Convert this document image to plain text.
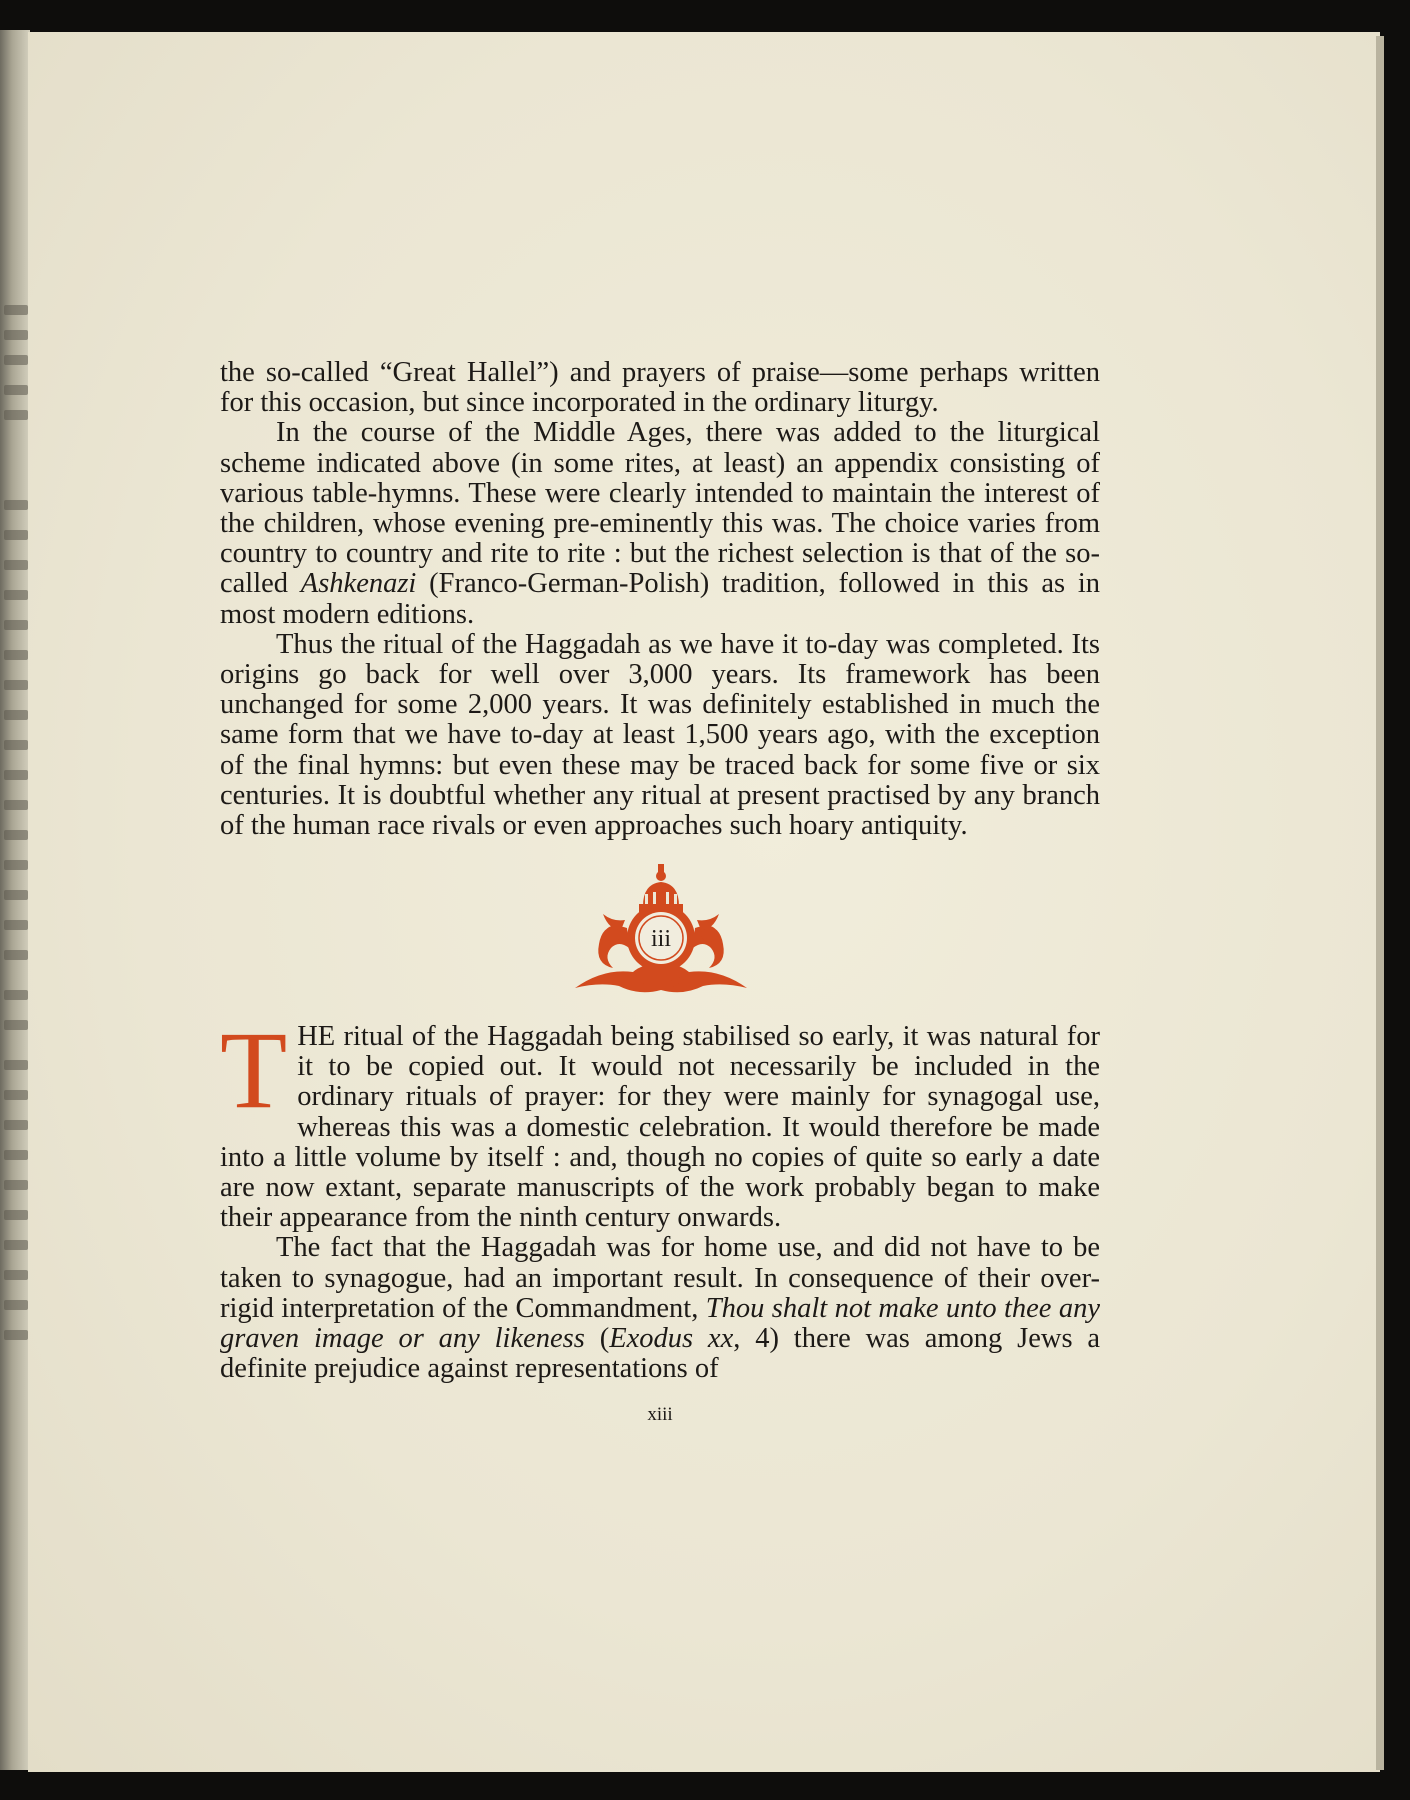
the so-called “Great Hallel”) and prayers of praise—some perhaps written for this occasion, but since incorporated in the ordinary liturgy.

In the course of the Middle Ages, there was added to the liturgical scheme indicated above (in some rites, at least) an appendix consisting of various table-hymns. These were clearly intended to maintain the interest of the children, whose evening pre-eminently this was. The choice varies from country to country and rite to rite : but the richest selection is that of the so-called Ashkenazi (Franco-German-Polish) tradition, followed in this as in most modern editions.

Thus the ritual of the Haggadah as we have it to-day was completed. Its origins go back for well over 3,000 years. Its framework has been unchanged for some 2,000 years. It was definitely established in much the same form that we have to-day at least 1,500 years ago, with the exception of the final hymns: but even these may be traced back for some five or six centuries. It is doubtful whether any ritual at present practised by any branch of the human race rivals or even approaches such hoary antiquity.

iii

THE ritual of the Haggadah being stabilised so early, it was natural for it to be copied out. It would not necessarily be included in the ordinary rituals of prayer: for they were mainly for synagogal use, whereas this was a domestic celebration. It would therefore be made into a little volume by itself : and, though no copies of quite so early a date are now extant, separate manuscripts of the work probably began to make their appearance from the ninth century onwards.

The fact that the Haggadah was for home use, and did not have to be taken to synagogue, had an important result. In consequence of their over-rigid interpretation of the Commandment, Thou shalt not make unto thee any graven image or any likeness (Exodus xx, 4) there was among Jews a definite prejudice against representations of

xiii
